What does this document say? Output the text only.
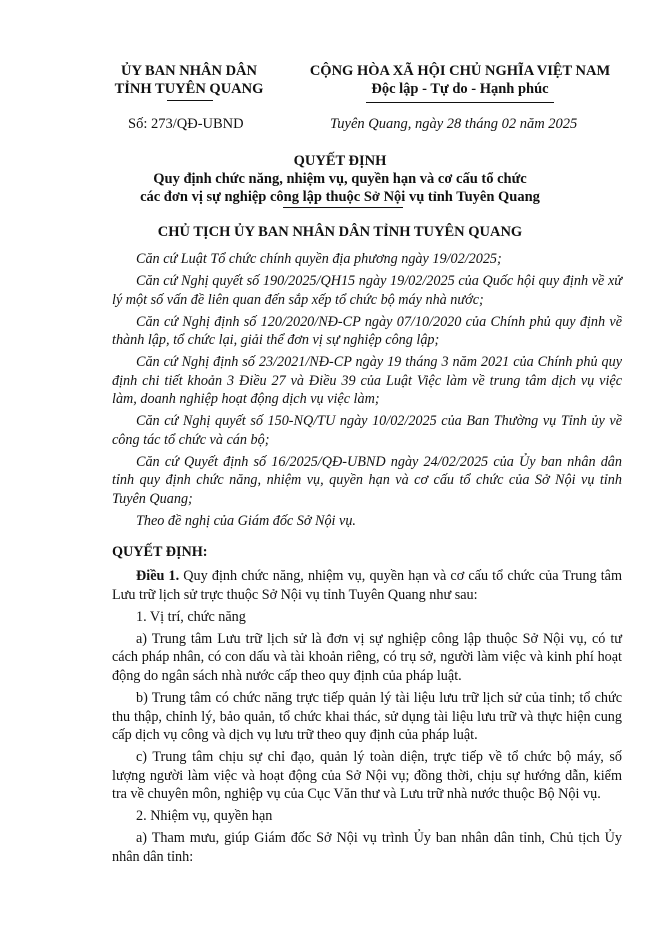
ỦY BAN NHÂN DÂN
TỈNH TUYÊN QUANG
CỘNG HÒA XÃ HỘI CHỦ NGHĨA VIỆT NAM
Độc lập - Tự do - Hạnh phúc
Số: 273/QĐ-UBND	Tuyên Quang, ngày 28 tháng 02 năm 2025
QUYẾT ĐỊNH
Quy định chức năng, nhiệm vụ, quyền hạn và cơ cấu tổ chức
các đơn vị sự nghiệp công lập thuộc Sở Nội vụ tỉnh Tuyên Quang
CHỦ TỊCH ỦY BAN NHÂN DÂN TỈNH TUYÊN QUANG

Căn cứ Luật Tổ chức chính quyền địa phương ngày 19/02/2025;

Căn cứ Nghị quyết số 190/2025/QH15 ngày 19/02/2025 của Quốc hội quy định về xử lý một số vấn đề liên quan đến sắp xếp tổ chức bộ máy nhà nước;

Căn cứ Nghị định số 120/2020/NĐ-CP ngày 07/10/2020 của Chính phủ quy định về thành lập, tổ chức lại, giải thể đơn vị sự nghiệp công lập;

Căn cứ Nghị định số 23/2021/NĐ-CP ngày 19 tháng 3 năm 2021 của Chính phủ quy định chi tiết khoản 3 Điều 27 và Điều 39 của Luật Việc làm về trung tâm dịch vụ việc làm, doanh nghiệp hoạt động dịch vụ việc làm;

Căn cứ Nghị quyết số 150-NQ/TU ngày 10/02/2025 của Ban Thường vụ Tỉnh ủy về công tác tổ chức và cán bộ;

Căn cứ Quyết định số 16/2025/QĐ-UBND ngày 24/02/2025 của Ủy ban nhân dân tỉnh quy định chức năng, nhiệm vụ, quyền hạn và cơ cấu tổ chức của Sở Nội vụ tỉnh Tuyên Quang;

Theo đề nghị của Giám đốc Sở Nội vụ.

QUYẾT ĐỊNH:

Điều 1. Quy định chức năng, nhiệm vụ, quyền hạn và cơ cấu tổ chức của Trung tâm Lưu trữ lịch sử trực thuộc Sở Nội vụ tỉnh Tuyên Quang như sau:

1. Vị trí, chức năng

a) Trung tâm Lưu trữ lịch sử là đơn vị sự nghiệp công lập thuộc Sở Nội vụ, có tư cách pháp nhân, có con dấu và tài khoản riêng, có trụ sở, người làm việc và kinh phí hoạt động do ngân sách nhà nước cấp theo quy định của pháp luật.

b) Trung tâm có chức năng trực tiếp quản lý tài liệu lưu trữ lịch sử của tỉnh; tổ chức thu thập, chỉnh lý, bảo quản, tổ chức khai thác, sử dụng tài liệu lưu trữ và thực hiện cung cấp dịch vụ công và dịch vụ lưu trữ theo quy định của pháp luật.

c) Trung tâm chịu sự chỉ đạo, quản lý toàn diện, trực tiếp về tổ chức bộ máy, số lượng người làm việc và hoạt động của Sở Nội vụ; đồng thời, chịu sự hướng dẫn, kiểm tra về chuyên môn, nghiệp vụ của Cục Văn thư và Lưu trữ nhà nước thuộc Bộ Nội vụ.

2. Nhiệm vụ, quyền hạn

a) Tham mưu, giúp Giám đốc Sở Nội vụ trình Ủy ban nhân dân tỉnh, Chủ tịch Ủy nhân dân tỉnh:
